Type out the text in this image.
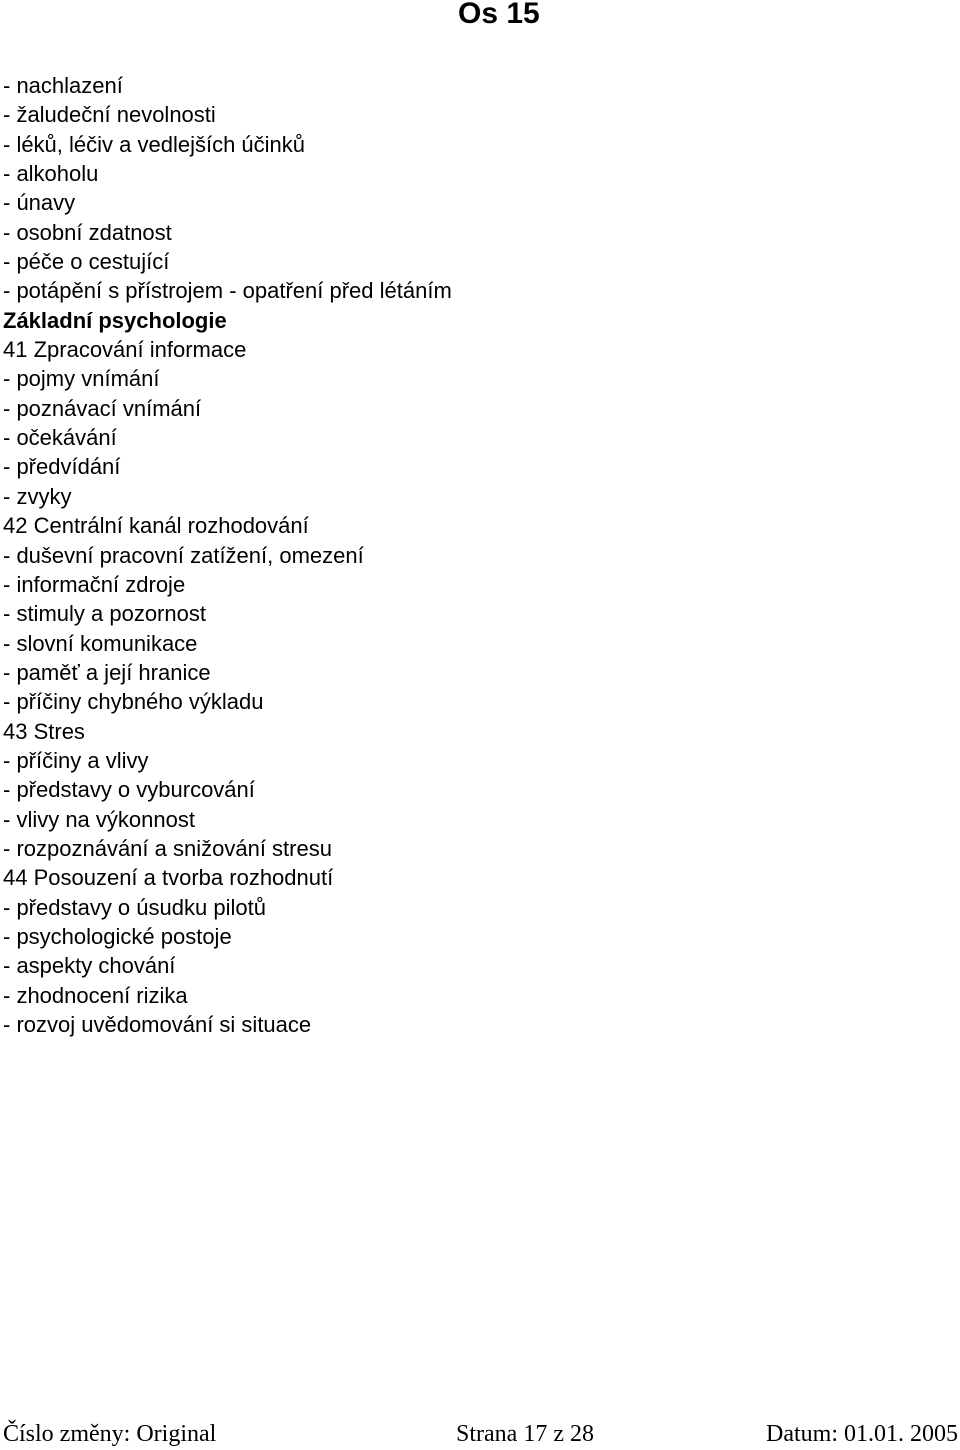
Os 15
- nachlazení
- žaludeční nevolnosti
- léků, léčiv a vedlejších účinků
- alkoholu
- únavy
- osobní zdatnost
- péče o cestující
- potápění s přístrojem - opatření před létáním
Základní psychologie
41 Zpracování informace
- pojmy vnímání
- poznávací vnímání
- očekávání
- předvídání
- zvyky
42 Centrální kanál rozhodování
- duševní pracovní zatížení, omezení
- informační zdroje
- stimuly a pozornost
- slovní komunikace
- paměť a její hranice
- příčiny chybného výkladu
43 Stres
- příčiny a vlivy
- představy o vyburcování
- vlivy na výkonnost
- rozpoznávání a snižování stresu
44 Posouzení a tvorba rozhodnutí
- představy o úsudku pilotů
- psychologické postoje
- aspekty chování
- zhodnocení rizika
- rozvoj uvědomování si situace
Číslo změny: Original	Strana 17 z 28	Datum: 01.01. 2005
